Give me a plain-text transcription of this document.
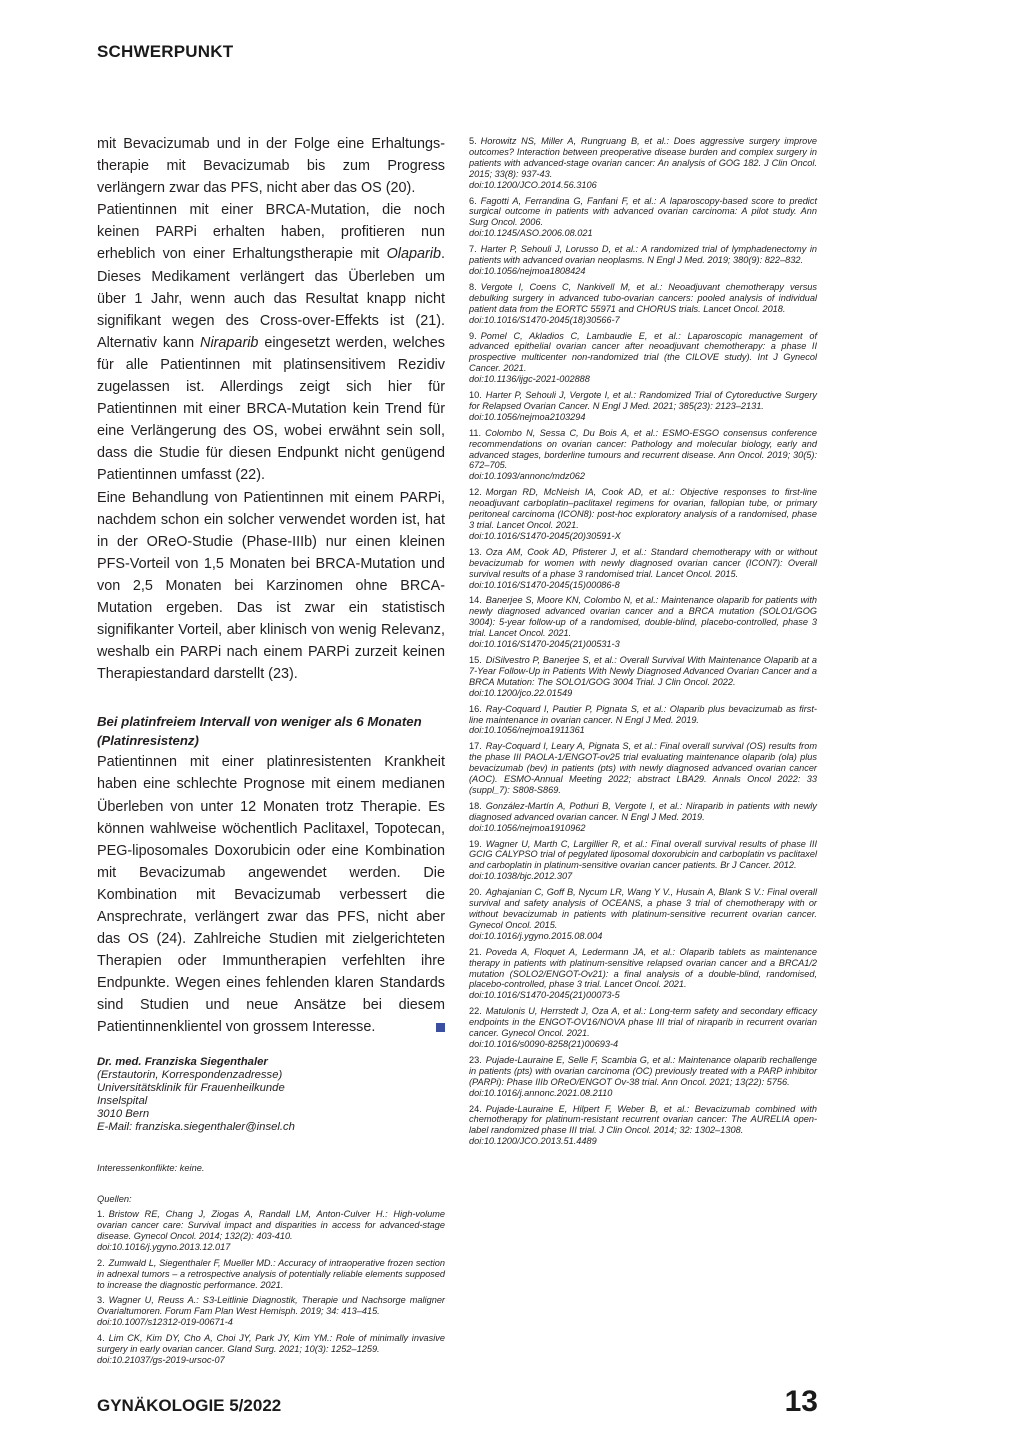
SCHWERPUNKT

mit Bevacizumab und in der Folge eine Erhaltungs-therapie mit Bevacizumab bis zum Progress verlängern zwar das PFS, nicht aber das OS (20).

Patientinnen mit einer BRCA-Mutation, die noch keinen PARPi erhalten haben, profitieren nun erheblich von einer Erhaltungstherapie mit Olaparib. Dieses Medikament verlängert das Überleben um über 1 Jahr, wenn auch das Resultat knapp nicht signifikant wegen des Cross-over-Effekts ist (21). Alternativ kann Niraparib eingesetzt werden, welches für alle Patientinnen mit platinsensitivem Rezidiv zugelassen ist. Allerdings zeigt sich hier für Patientinnen mit einer BRCA-Mutation kein Trend für eine Verlängerung des OS, wobei erwähnt sein soll, dass die Studie für diesen Endpunkt nicht genügend Patientinnen umfasst (22).

Eine Behandlung von Patientinnen mit einem PARPi, nachdem schon ein solcher verwendet worden ist, hat in der OReO-Studie (Phase-IIIb) nur einen kleinen PFS-Vorteil von 1,5 Monaten bei BRCA-Mutation und von 2,5 Monaten bei Karzinomen ohne BRCA-Mutation ergeben. Das ist zwar ein statistisch signifikanter Vorteil, aber klinisch von wenig Relevanz, weshalb ein PARPi nach einem PARPi zurzeit keinen Therapiestandard darstellt (23).

Bei platinfreiem Intervall von weniger als 6 Monaten (Platinresistenz)

Patientinnen mit einer platinresistenten Krankheit haben eine schlechte Prognose mit einem medianen Überleben von unter 12 Monaten trotz Therapie. Es können wahlweise wöchentlich Paclitaxel, Topotecan, PEG-liposomales Doxorubicin oder eine Kombination mit Bevacizumab angewendet werden. Die Kombination mit Bevacizumab verbessert die Ansprechrate, verlängert zwar das PFS, nicht aber das OS (24). Zahlreiche Studien mit zielgerichteten Therapien oder Immuntherapien verfehlten ihre Endpunkte. Wegen eines fehlenden klaren Standards sind Studien und neue Ansätze bei diesem Patientinnenklientel von grossem Interesse.

Dr. med. Franziska Siegenthaler
(Erstautorin, Korrespondenzadresse)
Universitätsklinik für Frauenheilkunde
Inselspital
3010 Bern
E-Mail: franziska.siegenthaler@insel.ch
Interessenkonflikte: keine.
Quellen:
1. Bristow RE, Chang J, Ziogas A, Randall LM, Anton-Culver H.: High-volume ovarian cancer care: Survival impact and disparities in access for advanced-stage disease. Gynecol Oncol. 2014; 132(2): 403-410.
doi:10.1016/j.ygyno.2013.12.017
2. Zumwald L, Siegenthaler F, Mueller MD.: Accuracy of intraoperative frozen section in adnexal tumors – a retrospective analysis of potentially reliable elements supposed to increase the diagnostic performance. 2021.
3. Wagner U, Reuss A.: S3-Leitlinie Diagnostik, Therapie und Nachsorge maligner Ovarialtumoren. Forum Fam Plan West Hemisph. 2019; 34: 413–415.
doi:10.1007/s12312-019-00671-4
4. Lim CK, Kim DY, Cho A, Choi JY, Park JY, Kim YM.: Role of minimally invasive surgery in early ovarian cancer. Gland Surg. 2021; 10(3): 1252–1259.
doi:10.21037/gs-2019-ursoc-07
5. Horowitz NS, Miller A, Rungruang B, et al.: Does aggressive surgery improve outcomes? Interaction between preoperative disease burden and complex surgery in patients with advanced-stage ovarian cancer: An analysis of GOG 182. J Clin Oncol. 2015; 33(8): 937-43.
doi:10.1200/JCO.2014.56.3106
6. Fagotti A, Ferrandina G, Fanfani F, et al.: A laparoscopy-based score to predict surgical outcome in patients with advanced ovarian carcinoma: A pilot study. Ann Surg Oncol. 2006.
doi:10.1245/ASO.2006.08.021
7. Harter P, Sehouli J, Lorusso D, et al.: A randomized trial of lymphadenectomy in patients with advanced ovarian neoplasms. N Engl J Med. 2019; 380(9): 822–832.
doi:10.1056/nejmoa1808424
8. Vergote I, Coens C, Nankivell M, et al.: Neoadjuvant chemotherapy versus debulking surgery in advanced tubo-ovarian cancers: pooled analysis of individual patient data from the EORTC 55971 and CHORUS trials. Lancet Oncol. 2018.
doi:10.1016/S1470-2045(18)30566-7
9. Pomel C, Akladios C, Lambaudie E, et al.: Laparoscopic management of advanced epithelial ovarian cancer after neoadjuvant chemotherapy: a phase II prospective multicenter non-randomized trial (the CILOVE study). Int J Gynecol Cancer. 2021.
doi:10.1136/ijgc-2021-002888
10. Harter P, Sehouli J, Vergote I, et al.: Randomized Trial of Cytoreductive Surgery for Relapsed Ovarian Cancer. N Engl J Med. 2021; 385(23): 2123–2131.
doi:10.1056/nejmoa2103294
11. Colombo N, Sessa C, Du Bois A, et al.: ESMO-ESGO consensus conference recommendations on ovarian cancer: Pathology and molecular biology, early and advanced stages, borderline tumours and recurrent disease. Ann Oncol. 2019; 30(5): 672–705.
doi:10.1093/annonc/mdz062
12. Morgan RD, McNeish IA, Cook AD, et al.: Objective responses to first-line neoadjuvant carboplatin–paclitaxel regimens for ovarian, fallopian tube, or primary peritoneal carcinoma (ICON8): post-hoc exploratory analysis of a randomised, phase 3 trial. Lancet Oncol. 2021.
doi:10.1016/S1470-2045(20)30591-X
13. Oza AM, Cook AD, Pfisterer J, et al.: Standard chemotherapy with or without bevacizumab for women with newly diagnosed ovarian cancer (ICON7): Overall survival results of a phase 3 randomised trial. Lancet Oncol. 2015.
doi:10.1016/S1470-2045(15)00086-8
14. Banerjee S, Moore KN, Colombo N, et al.: Maintenance olaparib for patients with newly diagnosed advanced ovarian cancer and a BRCA mutation (SOLO1/GOG 3004): 5-year follow-up of a randomised, double-blind, placebo-controlled, phase 3 trial. Lancet Oncol. 2021.
doi:10.1016/S1470-2045(21)00531-3
15. DiSilvestro P, Banerjee S, et al.: Overall Survival With Maintenance Olaparib at a 7-Year Follow-Up in Patients With Newly Diagnosed Advanced Ovarian Cancer and a BRCA Mutation: The SOLO1/GOG 3004 Trial. J Clin Oncol. 2022.
doi:10.1200/jco.22.01549
16. Ray-Coquard I, Pautier P, Pignata S, et al.: Olaparib plus bevacizumab as first-line maintenance in ovarian cancer. N Engl J Med. 2019.
doi:10.1056/nejmoa1911361
17. Ray-Coquard I, Leary A, Pignata S, et al.: Final overall survival (OS) results from the phase III PAOLA-1/ENGOT-ov25 trial evaluating maintenance olaparib (ola) plus bevacizumab (bev) in patients (pts) with newly diagnosed advanced ovarian cancer (AOC). ESMO-Annual Meeting 2022; abstract LBA29. Annals Oncol 2022: 33 (suppl_7): S808-S869.
18. González-Martín A, Pothuri B, Vergote I, et al.: Niraparib in patients with newly diagnosed advanced ovarian cancer. N Engl J Med. 2019.
doi:10.1056/nejmoa1910962
19. Wagner U, Marth C, Largillier R, et al.: Final overall survival results of phase III GCIG CALYPSO trial of pegylated liposomal doxorubicin and carboplatin vs paclitaxel and carboplatin in platinum-sensitive ovarian cancer patients. Br J Cancer. 2012.
doi:10.1038/bjc.2012.307
20. Aghajanian C, Goff B, Nycum LR, Wang Y V., Husain A, Blank S V.: Final overall survival and safety analysis of OCEANS, a phase 3 trial of chemotherapy with or without bevacizumab in patients with platinum-sensitive recurrent ovarian cancer. Gynecol Oncol. 2015.
doi:10.1016/j.ygyno.2015.08.004
21. Poveda A, Floquet A, Ledermann JA, et al.: Olaparib tablets as maintenance therapy in patients with platinum-sensitive relapsed ovarian cancer and a BRCA1/2 mutation (SOLO2/ENGOT-Ov21): a final analysis of a double-blind, randomised, placebo-controlled, phase 3 trial. Lancet Oncol. 2021.
doi:10.1016/S1470-2045(21)00073-5
22. Matulonis U, Herrstedt J, Oza A, et al.: Long-term safety and secondary efficacy endpoints in the ENGOT-OV16/NOVA phase III trial of niraparib in recurrent ovarian cancer. Gynecol Oncol. 2021.
doi:10.1016/s0090-8258(21)00693-4
23. Pujade-Lauraine E, Selle F, Scambia G, et al.: Maintenance olaparib rechallenge in patients (pts) with ovarian carcinoma (OC) previously treated with a PARP inhibitor (PARPi): Phase IIIb OReO/ENGOT Ov-38 trial. Ann Oncol. 2021; 13(22): 5756.
doi:10.1016/j.annonc.2021.08.2110
24. Pujade-Lauraine E, Hilpert F, Weber B, et al.: Bevacizumab combined with chemotherapy for platinum-resistant recurrent ovarian cancer: The AURELIA open-label randomized phase III trial. J Clin Oncol. 2014; 32: 1302–1308.
doi:10.1200/JCO.2013.51.4489
GYNÄKOLOGIE 5/2022	13
